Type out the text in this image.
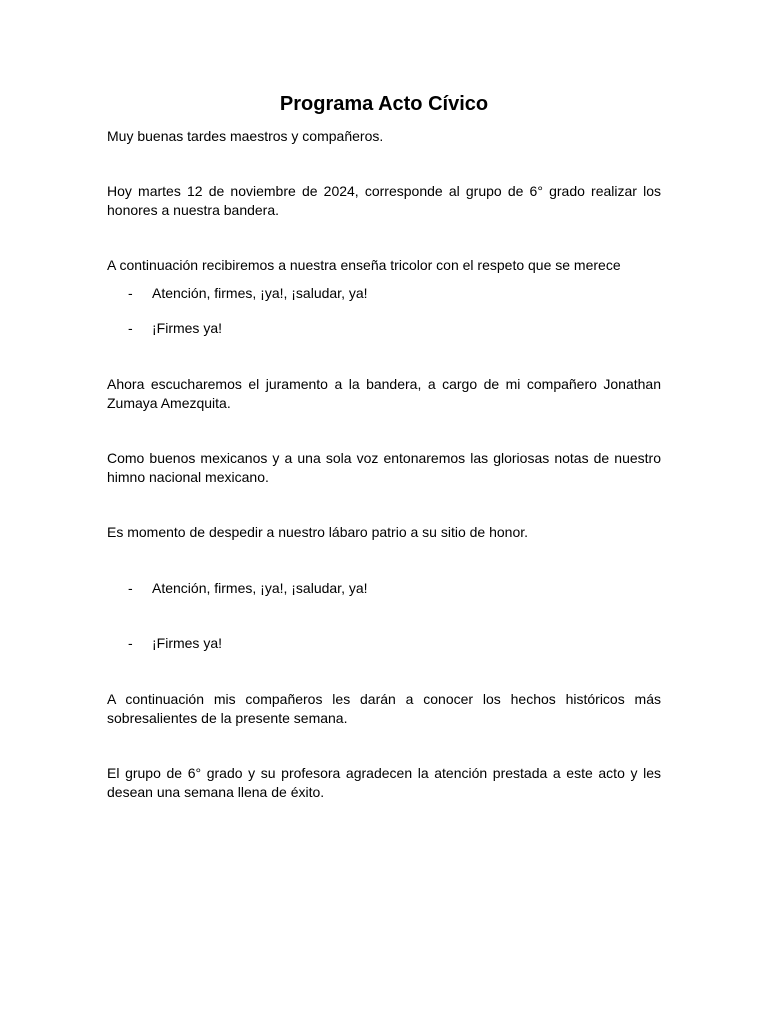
Programa Acto Cívico
Muy buenas tardes maestros y compañeros.
Hoy martes 12 de noviembre de 2024, corresponde al grupo de 6° grado realizar los honores a nuestra bandera.
A continuación recibiremos a nuestra enseña tricolor con el respeto que se merece
- Atención, firmes, ¡ya!, ¡saludar, ya!
- ¡Firmes ya!
Ahora escucharemos el juramento a la bandera, a cargo de mi compañero Jonathan Zumaya Amezquita.
Como buenos mexicanos y a una sola voz entonaremos las gloriosas notas de nuestro himno nacional mexicano.
Es momento de despedir a nuestro lábaro patrio a su sitio de honor.
- Atención, firmes, ¡ya!, ¡saludar, ya!
- ¡Firmes ya!
A continuación mis compañeros les darán a conocer los hechos históricos más sobresalientes de la presente semana.
El grupo de 6° grado y su profesora agradecen la atención prestada a este acto y les desean una semana llena de éxito.
